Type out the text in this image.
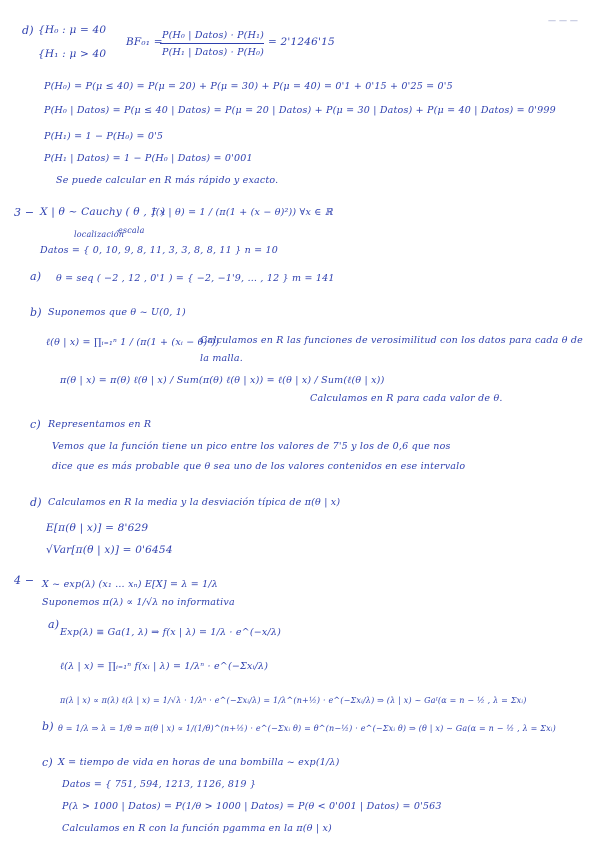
— — —
d) {H₀ : μ = 40
{H₁ : μ > 40
BF₀₁ =
P(H₀ | Datos) · P(H₁)
P(H₁ | Datos) · P(H₀)
= 2'1246'15
P(H₀) = P(μ ≤ 40) = P(μ = 20) + P(μ = 30) + P(μ = 40) = 0'1 + 0'15 + 0'25 = 0'5
P(H₀ | Datos) = P(μ ≤ 40 | Datos) = P(μ = 20 | Datos) + P(μ = 30 | Datos) + P(μ = 40 | Datos) = 0'999
P(H₁) = 1 − P(H₀) = 0'5
P(H₁ | Datos) = 1 − P(H₀ | Datos) = 0'001
Se puede calcular en R más rápido y exacto.
3 − X | θ ~ Cauchy ( θ , 1 )
localización
escala
f(x | θ) = 1 / (π(1 + (x − θ)²)) ∀x ∈ ℝ
Datos = { 0, 10, 9, 8, 11, 3, 3, 8, 8, 11 } n = 10
a) θ = seq ( −2 , 12 , 0'1 ) = { −2, −1'9, … , 12 } m = 141
b) Suponemos que θ ~ U(0, 1)
ℓ(θ | x) = ∏ᵢ₌₁ⁿ 1 / (π(1 + (xᵢ − θ)²))
Calculamos en R las funciones de verosimilitud con los datos para cada θ de
la malla.
π(θ | x) = π(θ) ℓ(θ | x) / Sum(π(θ) ℓ(θ | x)) = ℓ(θ | x) / Sum(ℓ(θ | x))
Calculamos en R para cada valor de θ.
c) Representamos en R
Vemos que la función tiene un pico entre los valores de 7'5 y los de 0,6 que nos
dice que es más probable que θ sea uno de los valores contenidos en ese intervalo
d) Calculamos en R la media y la desviación típica de π(θ | x)
E[π(θ | x)] = 8'629
√Var[π(θ | x)] = 0'6454
4 − X ~ exp(λ) (x₁ … xₙ) E[X] = λ = 1/λ
Suponemos π(λ) ∝ 1/√λ no informativa
a)
Exp(λ) ≡ Ga(1, λ) ⇒ f(x | λ) = 1/λ · e^(−x/λ)
ℓ(λ | x) = ∏ᵢ₌₁ⁿ f(xᵢ | λ) = 1/λⁿ · e^(−Σxᵢ/λ)
π(λ | x) ∝ π(λ) ℓ(λ | x) = 1/√λ · 1/λⁿ · e^(−Σxᵢ/λ) = 1/λ^(n+½) · e^(−Σxᵢ/λ) ⇒ (λ | x) ~ Gaᴵ(α = n − ½ , λ = Σxᵢ)
b) θ = 1/λ ⇒ λ = 1/θ ⇒ π(θ | x) ∝ 1/(1/θ)^(n+½) · e^(−Σxᵢ θ) = θ^(n−½) · e^(−Σxᵢ θ) ⇒ (θ | x) ~ Ga(α = n − ½ , λ = Σxᵢ)
c) X = tiempo de vida en horas de una bombilla ~ exp(1/λ)
Datos = { 751, 594, 1213, 1126, 819 }
P(λ > 1000 | Datos) = P(1/θ > 1000 | Datos) = P(θ < 0'001 | Datos) = 0'563
Calculamos en R con la función pgamma en la π(θ | x)
